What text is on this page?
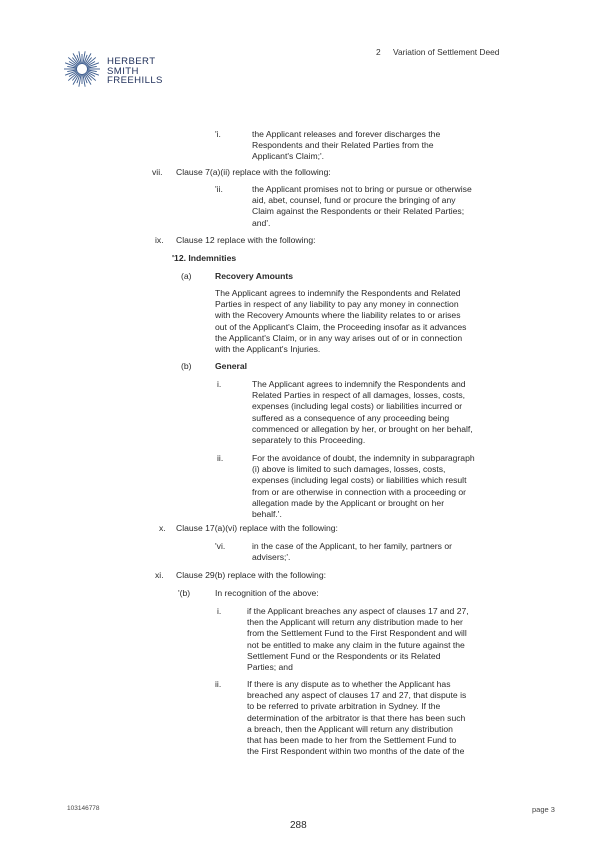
HERBERT
SMITH
FREEHILLS
2 Variation of Settlement Deed
'i.	the Applicant releases and forever discharges the
Respondents and their Related Parties from the
Applicant's Claim;'.
vii. Clause 7(a)(ii) replace with the following:
'ii.	the Applicant promises not to bring or pursue or otherwise
aid, abet, counsel, fund or procure the bringing of any
Claim against the Respondents or their Related Parties;
and'.
ix. Clause 12 replace with the following:
'12. Indemnities
(a)	Recovery Amounts
The Applicant agrees to indemnify the Respondents and Related
Parties in respect of any liability to pay any money in connection
with the Recovery Amounts where the liability relates to or arises
out of the Applicant's Claim, the Proceeding insofar as it advances
the Applicant's Claim, or in any way arises out of or in connection
with the Applicant's Injuries.
(b)	General
i.	The Applicant agrees to indemnify the Respondents and
Related Parties in respect of all damages, losses, costs,
expenses (including legal costs) or liabilities incurred or
suffered as a consequence of any proceeding being
commenced or allegation by her, or brought on her behalf,
separately to this Proceeding.
ii.	For the avoidance of doubt, the indemnity in subparagraph
(i) above is limited to such damages, losses, costs,
expenses (including legal costs) or liabilities which result
from or are otherwise in connection with a proceeding or
allegation made by the Applicant or brought on her
behalf.'.
x. Clause 17(a)(vi) replace with the following:
'vi.	in the case of the Applicant, to her family, partners or
advisers;'.
xi. Clause 29(b) replace with the following:
'(b)	In recognition of the above:
i.	if the Applicant breaches any aspect of clauses 17 and 27,
then the Applicant will return any distribution made to her
from the Settlement Fund to the First Respondent and will
not be entitled to make any claim in the future against the
Settlement Fund or the Respondents or its Related
Parties; and
ii.	If there is any dispute as to whether the Applicant has
breached any aspect of clauses 17 and 27, that dispute is
to be referred to private arbitration in Sydney. If the
determination of the arbitrator is that there has been such
a breach, then the Applicant will return any distribution
that has been made to her from the Settlement Fund to
the First Respondent within two months of the date of the
103146778	page 3
288
